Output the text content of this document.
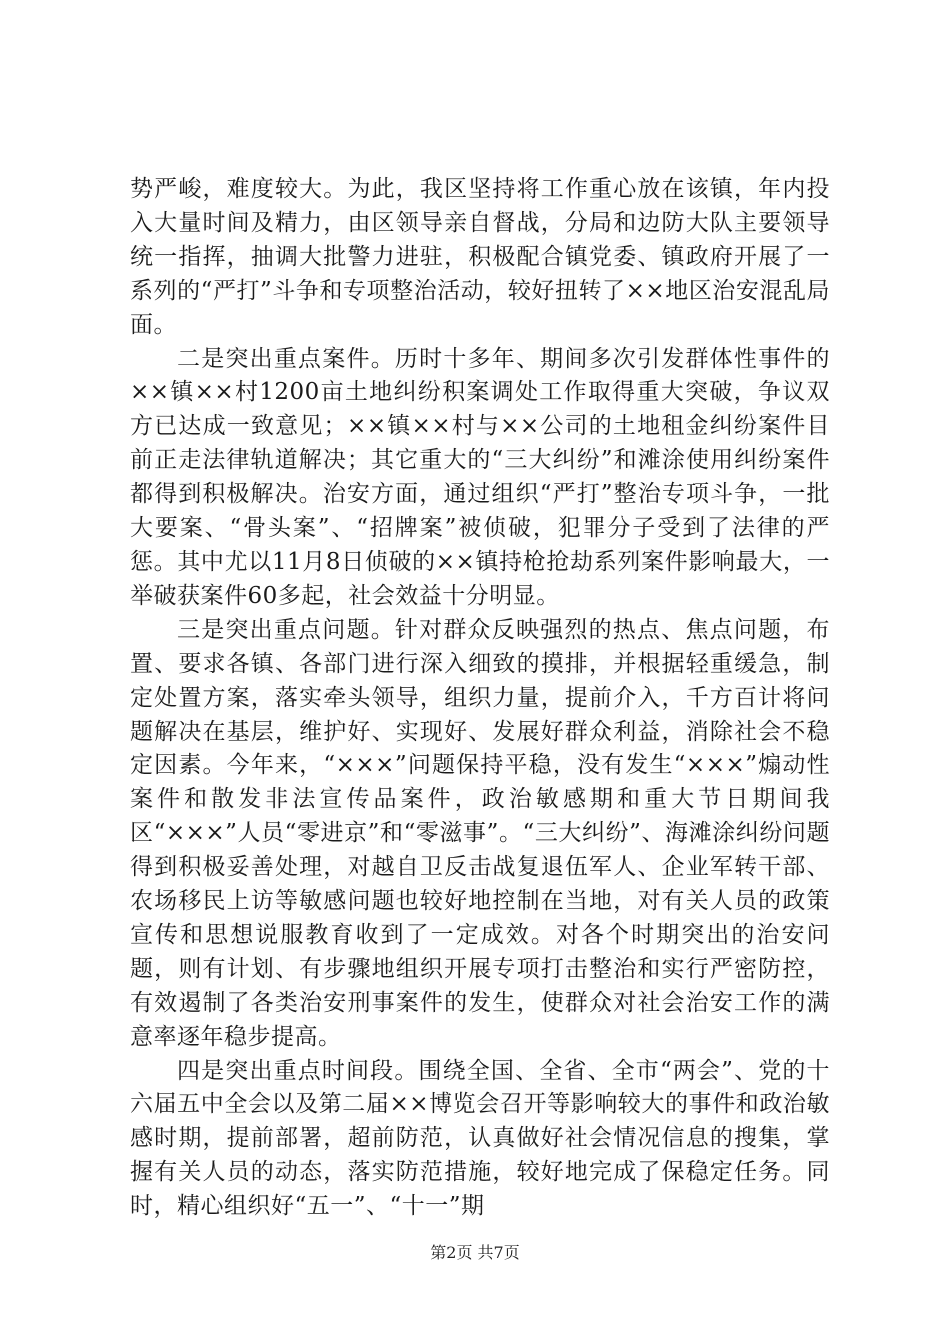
势严峻，难度较大。为此，我区坚持将工作重心放在该镇，年内投入大量时间及精力，由区领导亲自督战，分局和边防大队主要领导统一指挥，抽调大批警力进驻，积极配合镇党委、镇政府开展了一系列的“严打”斗争和专项整治活动，较好扭转了××地区治安混乱局面。

二是突出重点案件。历时十多年、期间多次引发群体性事件的××镇××村1200亩土地纠纷积案调处工作取得重大突破，争议双方已达成一致意见；××镇××村与××公司的土地租金纠纷案件目前正走法律轨道解决；其它重大的“三大纠纷”和滩涂使用纠纷案件都得到积极解决。治安方面，通过组织“严打”整治专项斗争，一批大要案、“骨头案”、“招牌案”被侦破，犯罪分子受到了法律的严惩。其中尤以11月8日侦破的××镇持枪抢劫系列案件影响最大，一举破获案件60多起，社会效益十分明显。

三是突出重点问题。针对群众反映强烈的热点、焦点问题，布置、要求各镇、各部门进行深入细致的摸排，并根据轻重缓急，制定处置方案，落实牵头领导，组织力量，提前介入，千方百计将问题解决在基层，维护好、实现好、发展好群众利益，消除社会不稳定因素。今年来，“×××”问题保持平稳，没有发生“×××”煽动性案件和散发非法宣传品案件，政治敏感期和重大节日期间我区“×××”人员“零进京”和“零滋事”。“三大纠纷”、海滩涂纠纷问题得到积极妥善处理，对越自卫反击战复退伍军人、企业军转干部、农场移民上访等敏感问题也较好地控制在当地，对有关人员的政策宣传和思想说服教育收到了一定成效。对各个时期突出的治安问题，则有计划、有步骤地组织开展专项打击整治和实行严密防控，有效遏制了各类治安刑事案件的发生，使群众对社会治安工作的满意率逐年稳步提高。

四是突出重点时间段。围绕全国、全省、全市“两会”、党的十六届五中全会以及第二届××博览会召开等影响较大的事件和政治敏感时期，提前部署，超前防范，认真做好社会情况信息的搜集，掌握有关人员的动态，落实防范措施，较好地完成了保稳定任务。同时，精心组织好“五一”、“十一”期

第2页 共7页
